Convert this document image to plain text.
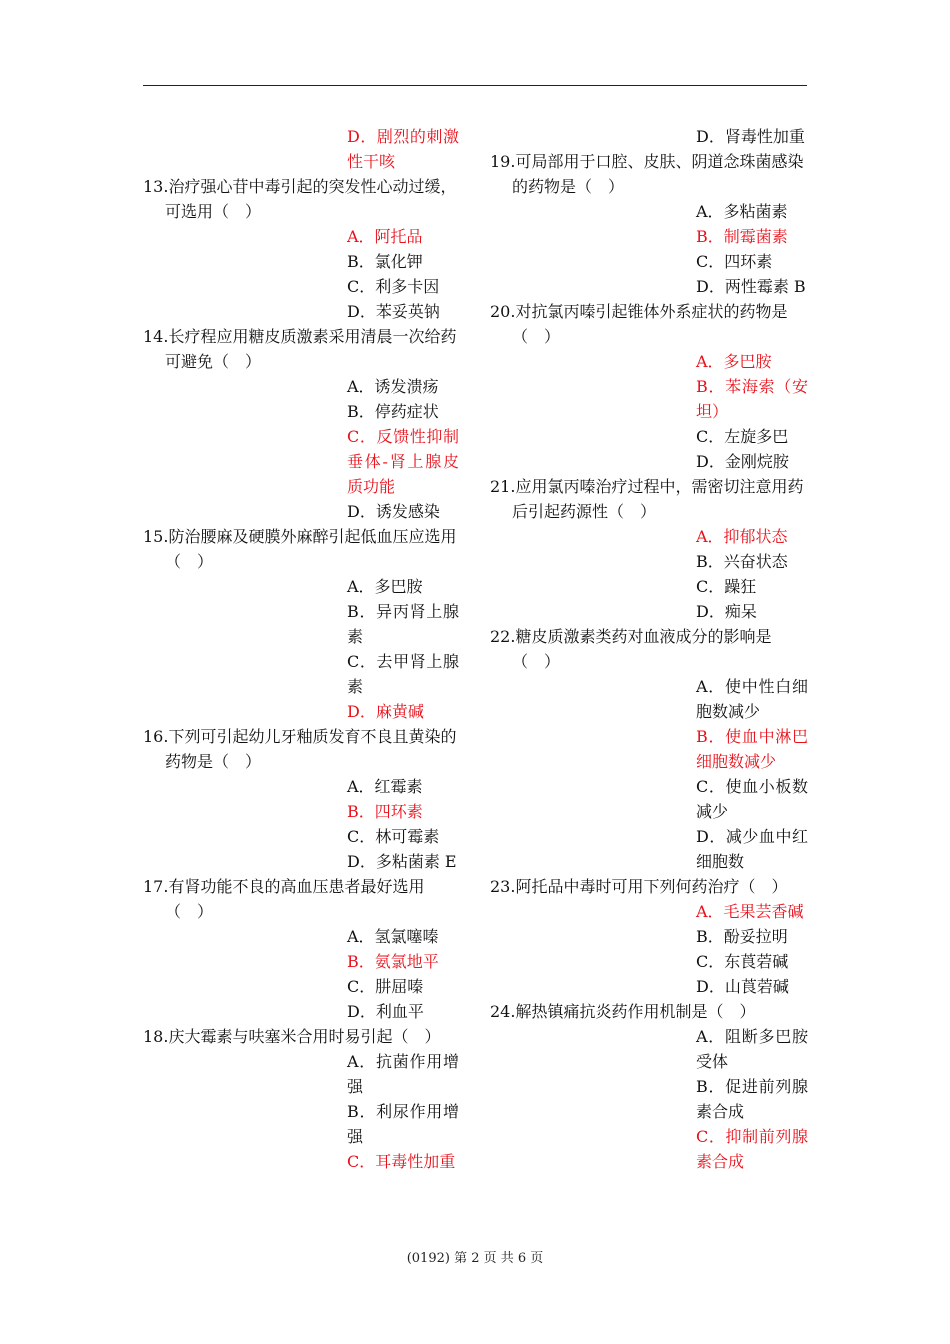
D．剧烈的刺激性干咳
13.治疗强心苷中毒引起的突发性心动过缓，可选用（　）
A．阿托品
B．氯化钾
C．利多卡因
D．苯妥英钠
14.长疗程应用糖皮质激素采用清晨一次给药可避免（　）
A．诱发溃疡
B．停药症状
C．反馈性抑制垂体-肾上腺皮质功能
D．诱发感染
15.防治腰麻及硬膜外麻醉引起低血压应选用（　）
A．多巴胺
B．异丙肾上腺素
C．去甲肾上腺素
D．麻黄碱
16.下列可引起幼儿牙釉质发育不良且黄染的药物是（　）
A．红霉素
B．四环素
C．林可霉素
D．多粘菌素 E
17.有肾功能不良的高血压患者最好选用（　）
A．氢氯噻嗪
B．氨氯地平
C．肼屈嗪
D．利血平
18.庆大霉素与呋塞米合用时易引起（　）
A．抗菌作用增强
B．利尿作用增强
C．耳毒性加重
D．肾毒性加重
19.可局部用于口腔、皮肤、阴道念珠菌感染的药物是（　）
A．多粘菌素
B．制霉菌素
C．四环素
D．两性霉素 B
20.对抗氯丙嗪引起锥体外系症状的药物是（　）
A．多巴胺
B．苯海索（安坦）
C．左旋多巴
D．金刚烷胺
21.应用氯丙嗪治疗过程中，需密切注意用药后引起药源性（　）
A．抑郁状态
B．兴奋状态
C．躁狂
D．痴呆
22.糖皮质激素类药对血液成分的影响是（　）
A．使中性白细胞数减少
B．使血中淋巴细胞数减少
C．使血小板数减少
D．减少血中红细胞数
23.阿托品中毒时可用下列何药治疗（　）
A．毛果芸香碱
B．酚妥拉明
C．东莨菪碱
D．山莨菪碱
24.解热镇痛抗炎药作用机制是（　）
A．阻断多巴胺受体
B．促进前列腺素合成
C．抑制前列腺素合成
(0192) 第 2 页 共 6 页
